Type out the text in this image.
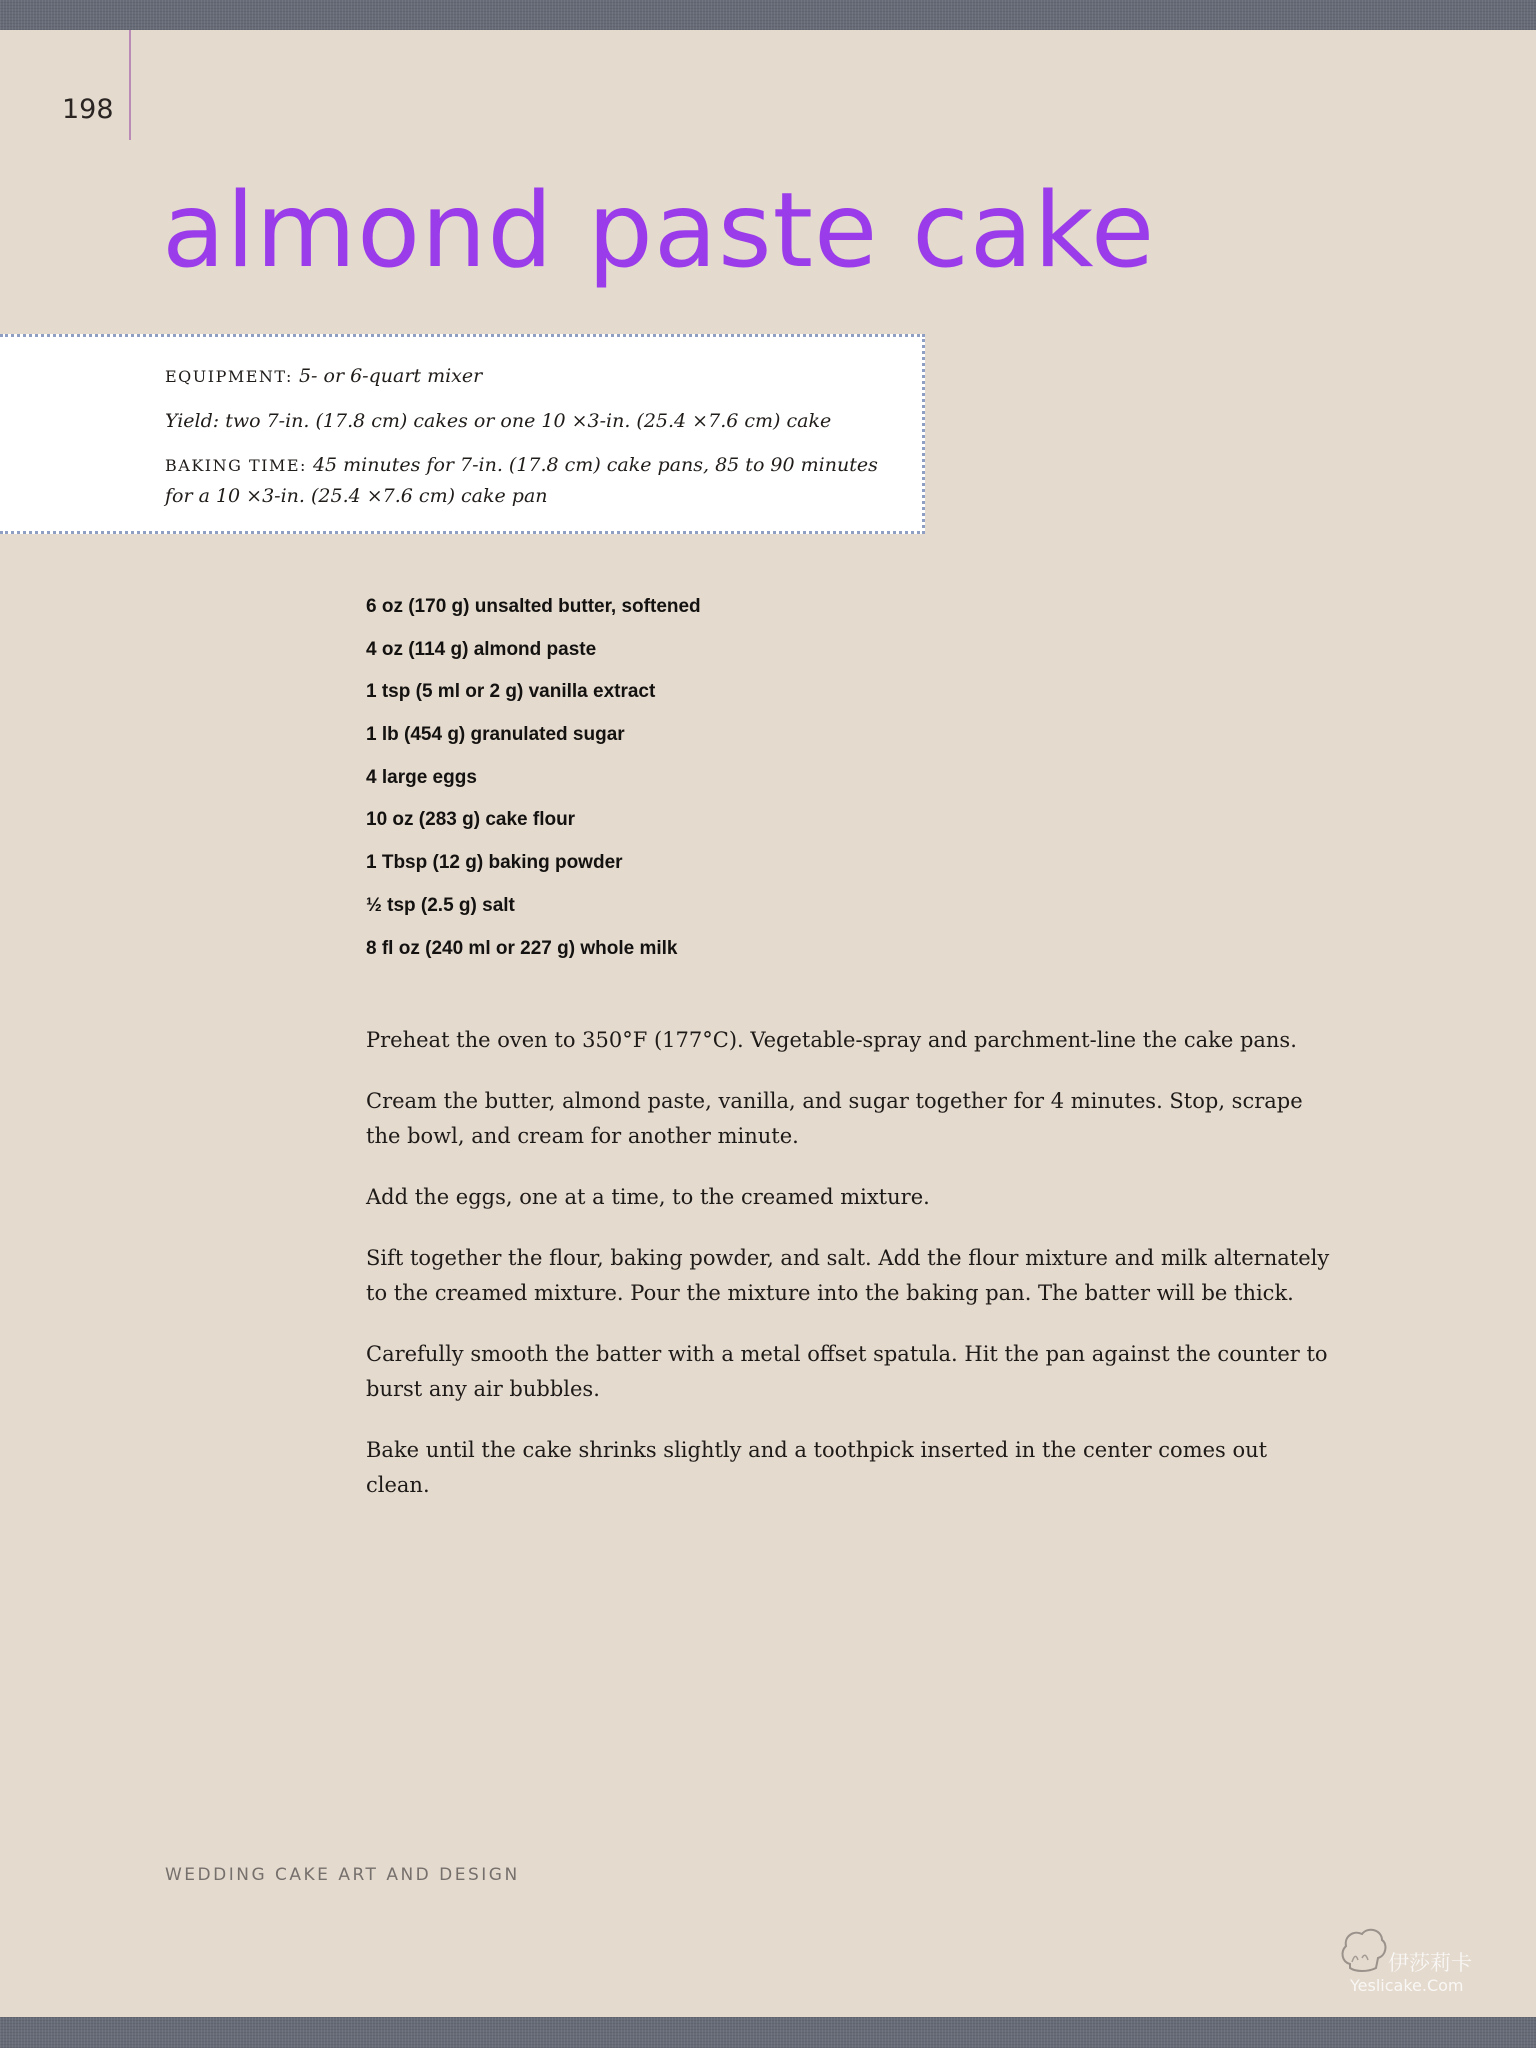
198
almond paste cake

EQUIPMENT: 5- or 6-quart mixer

Yield: two 7-in. (17.8 cm) cakes or one 10 ×3-in. (25.4 ×7.6 cm) cake

BAKING TIME: 45 minutes for 7-in. (17.8 cm) cake pans, 85 to 90 minutes for a 10 ×3-in. (25.4 ×7.6 cm) cake pan

6 oz (170 g) unsalted butter, softened
4 oz (114 g) almond paste
1 tsp (5 ml or 2 g) vanilla extract
1 lb (454 g) granulated sugar
4 large eggs
10 oz (283 g) cake flour
1 Tbsp (12 g) baking powder
½ tsp (2.5 g) salt
8 fl oz (240 ml or 227 g) whole milk

Preheat the oven to 350°F (177°C). Vegetable-spray and parchment-line the cake pans.

Cream the butter, almond paste, vanilla, and sugar together for 4 minutes. Stop, scrape the bowl, and cream for another minute.

Add the eggs, one at a time, to the creamed mixture.

Sift together the flour, baking powder, and salt. Add the flour mixture and milk alternately to the creamed mixture. Pour the mixture into the baking pan. The batter will be thick.

Carefully smooth the batter with a metal offset spatula. Hit the pan against the counter to burst any air bubbles.

Bake until the cake shrinks slightly and a toothpick inserted in the center comes out clean.

WEDDING CAKE ART AND DESIGN
伊莎莉卡
Yeslicake.Com
